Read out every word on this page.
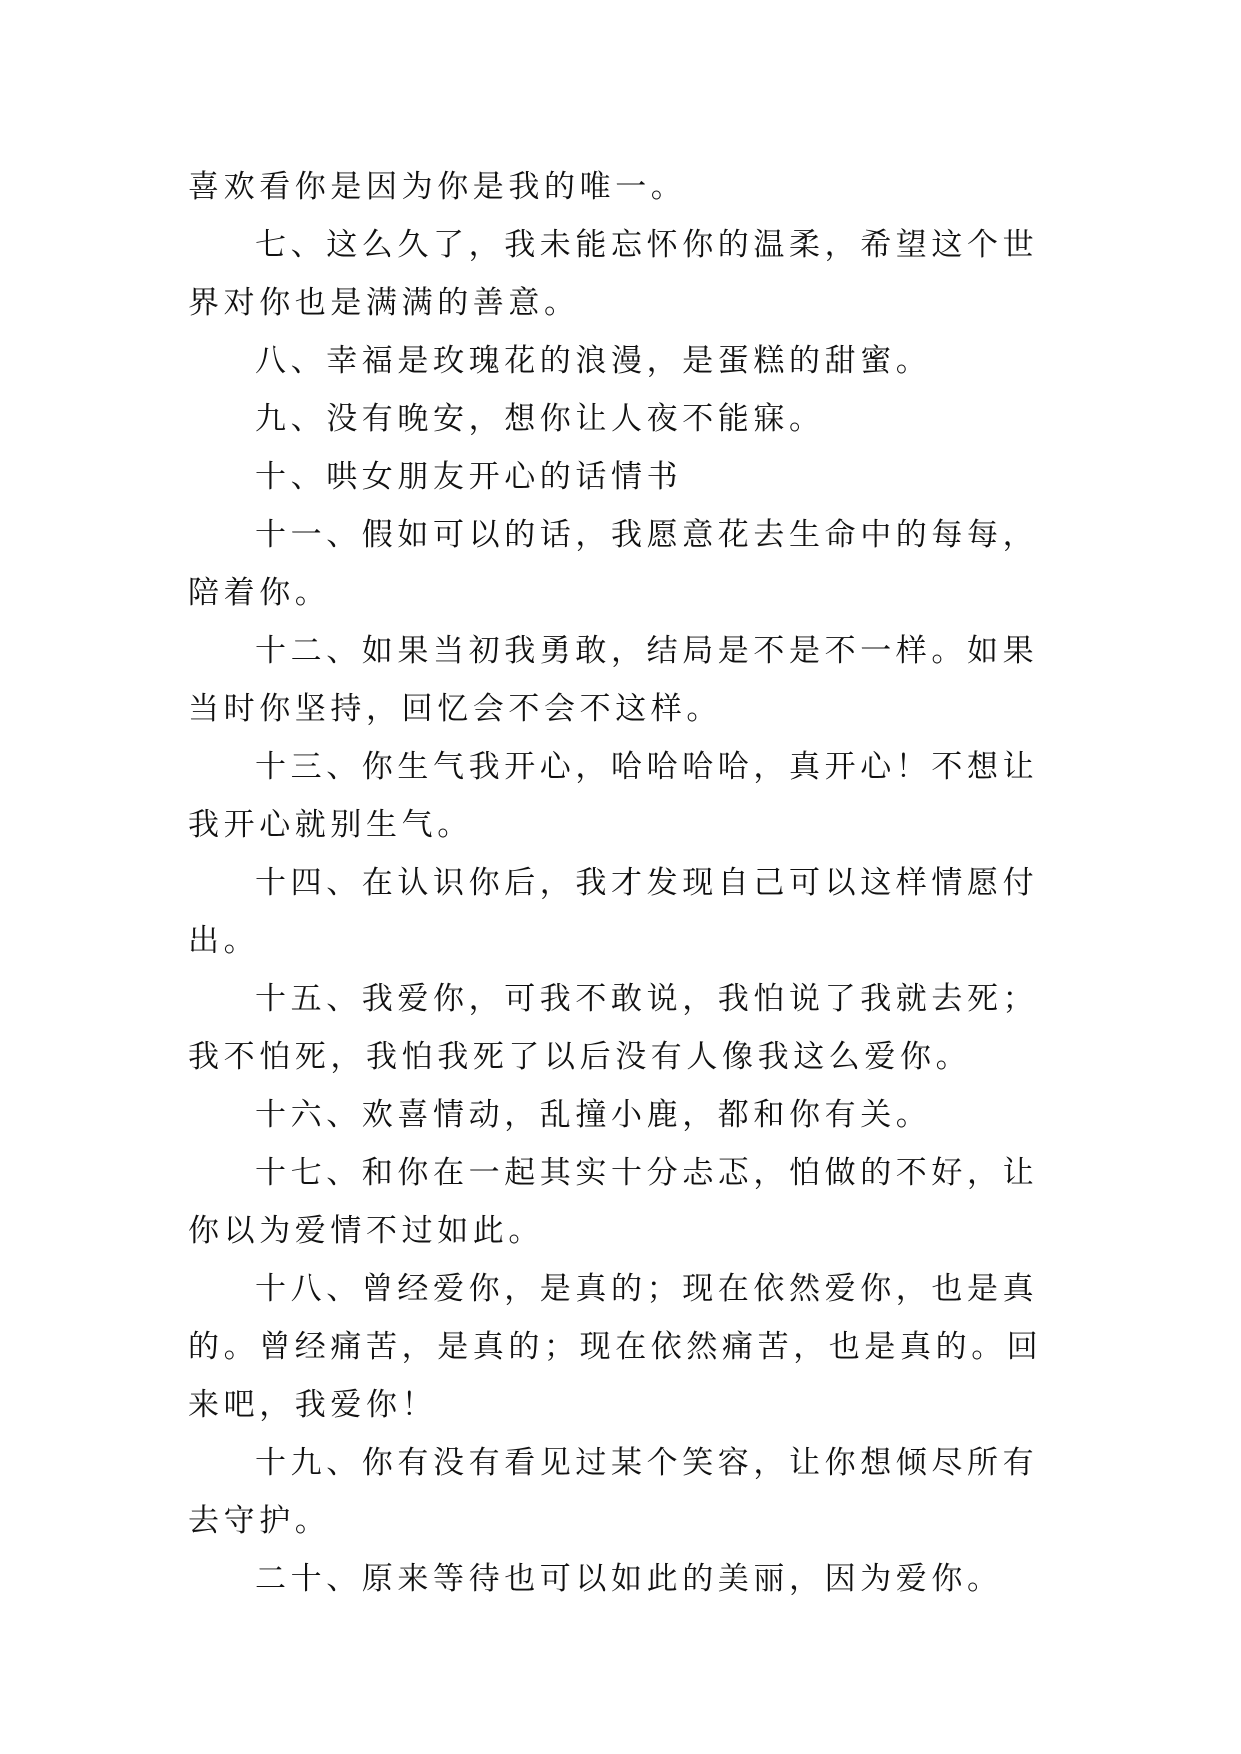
喜欢看你是因为你是我的唯一。

七、这么久了，我未能忘怀你的温柔，希望这个世界对你也是满满的善意。

八、幸福是玫瑰花的浪漫，是蛋糕的甜蜜。

九、没有晚安，想你让人夜不能寐。

十、哄女朋友开心的话情书

十一、假如可以的话，我愿意花去生命中的每每，陪着你。

十二、如果当初我勇敢，结局是不是不一样。如果当时你坚持，回忆会不会不这样。

十三、你生气我开心，哈哈哈哈，真开心！不想让我开心就别生气。

十四、在认识你后，我才发现自己可以这样情愿付出。

十五、我爱你，可我不敢说，我怕说了我就去死；我不怕死，我怕我死了以后没有人像我这么爱你。

十六、欢喜情动，乱撞小鹿，都和你有关。

十七、和你在一起其实十分忐忑，怕做的不好，让你以为爱情不过如此。

十八、曾经爱你，是真的；现在依然爱你，也是真的。曾经痛苦，是真的；现在依然痛苦，也是真的。回来吧，我爱你！

十九、你有没有看见过某个笑容，让你想倾尽所有去守护。

二十、原来等待也可以如此的美丽，因为爱你。
